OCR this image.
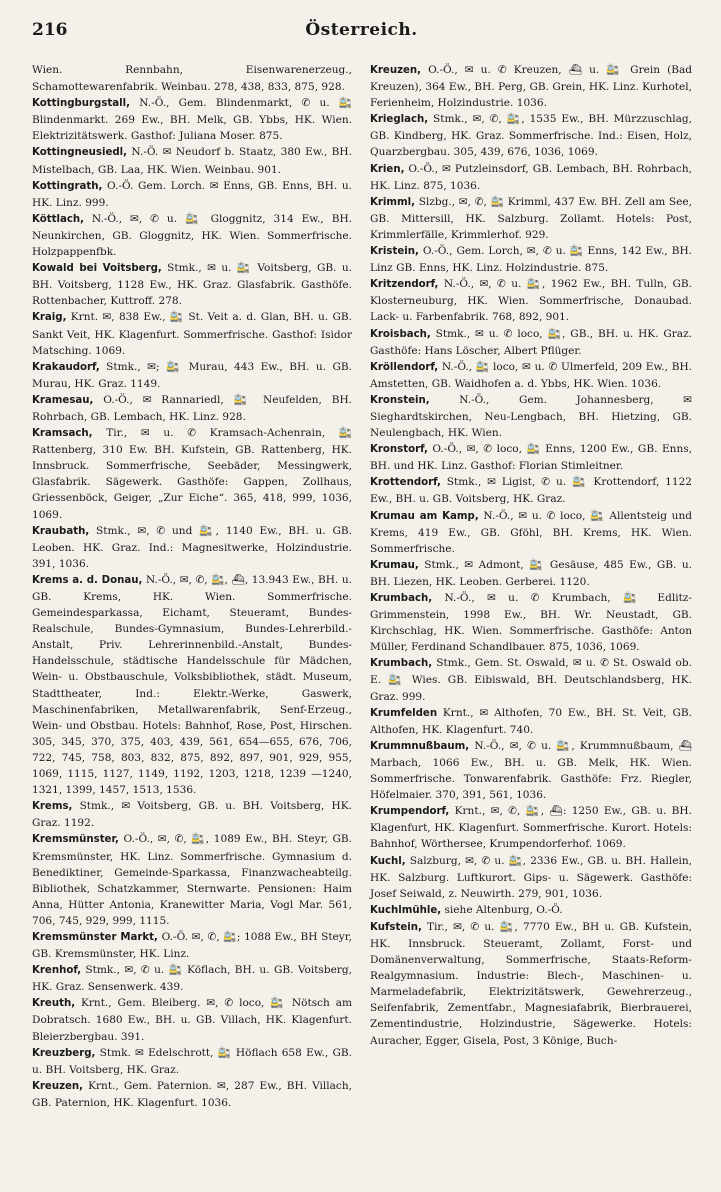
216	Österreich.

Wien. Rennbahn, Eisenwarenerzeug., Schamottewarenfabrik. Weinbau. 278, 438, 833, 875, 928.

Kottingburgstall, N.-Ö., Gem. Blindenmarkt, ✆ u. 🚉 Blindenmarkt. 269 Ew., BH. Melk, GB. Ybbs, HK. Wien. Elektrizitätswerk. Gasthof: Juliana Moser. 875.

Kottingneusiedl, N.-Ö. ✉ Neudorf b. Staatz, 380 Ew., BH. Mistelbach, GB. Laa, HK. Wien. Weinbau. 901.

Kottingrath, O.-Ö. Gem. Lorch. ✉ Enns, GB. Enns, BH. u. HK. Linz. 999.

Köttlach, N.-Ö., ✉, ✆ u. 🚉 Gloggnitz, 314 Ew., BH. Neunkirchen, GB. Gloggnitz, HK. Wien. Sommerfrische. Holzpappenfbk.

Kowald bei Voitsberg, Stmk., ✉ u. 🚉 Voitsberg, GB. u. BH. Voitsberg, 1128 Ew., HK. Graz. Glasfabrik. Gasthöfe. Rottenbacher, Kuttroff. 278.

Kraig, Krnt. ✉, 838 Ew., 🚉 St. Veit a. d. Glan, BH. u. GB. Sankt Veit, HK. Klagenfurt. Sommerfrische. Gasthof: Isidor Matsching. 1069.

Krakaudorf, Stmk., ✉; 🚉 Murau, 443 Ew., BH. u. GB. Murau, HK. Graz. 1149.

Kramesau, O.-Ö., ✉ Rannariedl, 🚉 Neufelden, BH. Rohrbach, GB. Lembach, HK. Linz. 928.

Kramsach, Tir., ✉ u. ✆ Kramsach-Achenrain, 🚉 Rattenberg, 310 Ew. BH. Kufstein, GB. Rattenberg, HK. Innsbruck. Sommerfrische, Seebäder, Messingwerk, Glasfabrik. Sägewerk. Gasthöfe: Gappen, Zollhaus, Griessenböck, Geiger, „Zur Eiche“. 365, 418, 999, 1036, 1069.

Kraubath, Stmk., ✉, ✆ und 🚉, 1140 Ew., BH. u. GB. Leoben. HK. Graz. Ind.: Magnesitwerke, Holzindustrie. 391, 1036.

Krems a. d. Donau, N.-Ö., ✉, ✆, 🚉, ⛴, 13.943 Ew., BH. u. GB. Krems, HK. Wien. Sommerfrische. Gemeindesparkassa, Eichamt, Steueramt, Bundes-Realschule, Bundes-Gymnasium, Bundes-Lehrerbild.-Anstalt, Priv. Lehrerinnenbild.-Anstalt, Bundes-Handelsschule, städtische Handelsschule für Mädchen, Wein- u. Obstbauschule, Volksbibliothek, städt. Museum, Stadttheater, Ind.: Elektr.-Werke, Gaswerk, Maschinenfabriken, Metallwarenfabrik, Senf-Erzeug., Wein- und Obstbau. Hotels: Bahnhof, Rose, Post, Hirschen. 305, 345, 370, 375, 403, 439, 561, 654—655, 676, 706, 722, 745, 758, 803, 832, 875, 892, 897, 901, 929, 955, 1069, 1115, 1127, 1149, 1192, 1203, 1218, 1239 —1240, 1321, 1399, 1457, 1513, 1536.

Krems, Stmk., ✉ Voitsberg, GB. u. BH. Voitsberg, HK. Graz. 1192.

Kremsmünster, O.-Ö., ✉, ✆, 🚉, 1089 Ew., BH. Steyr, GB. Kremsmünster, HK. Linz. Sommerfrische. Gymnasium d. Benediktiner, Gemeinde-Sparkassa, Finanzwacheabteilg. Bibliothek, Schatzkammer, Sternwarte. Pensionen: Haim Anna, Hütter Antonia, Kranewitter Maria, Vogl Mar. 561, 706, 745, 929, 999, 1115.

Kremsmünster Markt, O.-Ö. ✉, ✆, 🚉; 1088 Ew., BH Steyr, GB. Kremsmünster, HK. Linz.

Krenhof, Stmk., ✉, ✆ u. 🚉 Köflach, BH. u. GB. Voitsberg, HK. Graz. Sensenwerk. 439.

Kreuth, Krnt., Gem. Bleiberg. ✉, ✆ loco, 🚉 Nötsch am Dobratsch. 1680 Ew., BH. u. GB. Villach, HK. Klagenfurt. Bleierzbergbau. 391.

Kreuzberg, Stmk. ✉ Edelschrott, 🚉 Höflach 658 Ew., GB. u. BH. Voitsberg, HK. Graz.

Kreuzen, Krnt., Gem. Paternion. ✉, 287 Ew., BH. Villach, GB. Paternion, HK. Klagenfurt. 1036.

Kreuzen, O.-Ö., ✉ u. ✆ Kreuzen, ⛴ u. 🚉 Grein (Bad Kreuzen), 364 Ew., BH. Perg, GB. Grein, HK. Linz. Kurhotel, Ferienheim, Holzindustrie. 1036.

Krieglach, Stmk., ✉, ✆, 🚉, 1535 Ew., BH. Mürzzuschlag, GB. Kindberg, HK. Graz. Sommerfrische. Ind.: Eisen, Holz, Quarzbergbau. 305, 439, 676, 1036, 1069.

Krien, O.-Ö., ✉ Putzleinsdorf, GB. Lembach, BH. Rohrbach, HK. Linz. 875, 1036.

Krimml, Slzbg., ✉, ✆, 🚉 Krimml, 437 Ew. BH. Zell am See, GB. Mittersill, HK. Salzburg. Zollamt. Hotels: Post, Krimmlerfälle, Krimmlerhof. 929.

Kristein, O.-Ö., Gem. Lorch, ✉, ✆ u. 🚉 Enns, 142 Ew., BH. Linz GB. Enns, HK. Linz. Holzindustrie. 875.

Kritzendorf, N.-Ö., ✉, ✆ u. 🚉, 1962 Ew., BH. Tulln, GB. Klosterneuburg, HK. Wien. Sommerfrische, Donaubad. Lack- u. Farbenfabrik. 768, 892, 901.

Kroisbach, Stmk., ✉ u. ✆ loco, 🚉, GB., BH. u. HK. Graz. Gasthöfe: Hans Löscher, Albert Pflüger.

Kröllendorf, N.-Ö., 🚉 loco, ✉ u. ✆ Ulmerfeld, 209 Ew., BH. Amstetten, GB. Waidhofen a. d. Ybbs, HK. Wien. 1036.

Kronstein, N.-Ö., Gem. Johannesberg, ✉ Sieghardtskirchen, Neu-Lengbach, BH. Hietzing, GB. Neulengbach, HK. Wien.

Kronstorf, O.-Ö., ✉, ✆ loco, 🚉 Enns, 1200 Ew., GB. Enns, BH. und HK. Linz. Gasthof: Florian Stimleitner.

Krottendorf, Stmk., ✉ Ligist, ✆ u. 🚉 Krottendorf, 1122 Ew., BH. u. GB. Voitsberg, HK. Graz.

Krumau am Kamp, N.-Ö., ✉ u. ✆ loco, 🚉 Allentsteig und Krems, 419 Ew., GB. Gföhl, BH. Krems, HK. Wien. Sommerfrische.

Krumau, Stmk., ✉ Admont, 🚉 Gesäuse, 485 Ew., GB. u. BH. Liezen, HK. Leoben. Gerberei. 1120.

Krumbach, N.-Ö., ✉ u. ✆ Krumbach, 🚉 Edlitz-Grimmenstein, 1998 Ew., BH. Wr. Neustadt, GB. Kirchschlag, HK. Wien. Sommerfrische. Gasthöfe: Anton Müller, Ferdinand Schandlbauer. 875, 1036, 1069.

Krumbach, Stmk., Gem. St. Oswald, ✉ u. ✆ St. Oswald ob. E. 🚉 Wies. GB. Eibiswald, BH. Deutschlandsberg, HK. Graz. 999.

Krumfelden Krnt., ✉ Althofen, 70 Ew., BH. St. Veit, GB. Althofen, HK. Klagenfurt. 740.

Krummnußbaum, N.-Ö., ✉, ✆ u. 🚉, Krummnußbaum, ⛴ Marbach, 1066 Ew., BH. u. GB. Melk, HK. Wien. Sommerfrische. Tonwarenfabrik. Gasthöfe: Frz. Riegler, Höfelmaier. 370, 391, 561, 1036.

Krumpendorf, Krnt., ✉, ✆, 🚉, ⛴: 1250 Ew., GB. u. BH. Klagenfurt, HK. Klagenfurt. Sommerfrische. Kurort. Hotels: Bahnhof, Wörthersee, Krumpendorferhof. 1069.

Kuchl, Salzburg, ✉, ✆ u. 🚉, 2336 Ew., GB. u. BH. Hallein, HK. Salzburg. Luftkurort. Gips- u. Sägewerk. Gasthöfe: Josef Seiwald, z. Neuwirth. 279, 901, 1036.

Kuchlmühle, siehe Altenburg, O.-Ö.

Kufstein, Tir., ✉, ✆ u. 🚉, 7770 Ew., BH u. GB. Kufstein, HK. Innsbruck. Steueramt, Zollamt, Forst- und Domänenverwaltung, Sommerfrische, Staats-Reform-Realgymnasium. Industrie: Blech-, Maschinen- u. Marmeladefabrik, Elektrizitätswerk, Gewehrerzeug., Seifenfabrik, Zementfabr., Magnesiafabrik, Bierbrauerei, Zementindustrie, Holzindustrie, Sägewerke. Hotels: Auracher, Egger, Gisela, Post, 3 Könige, Buch-
